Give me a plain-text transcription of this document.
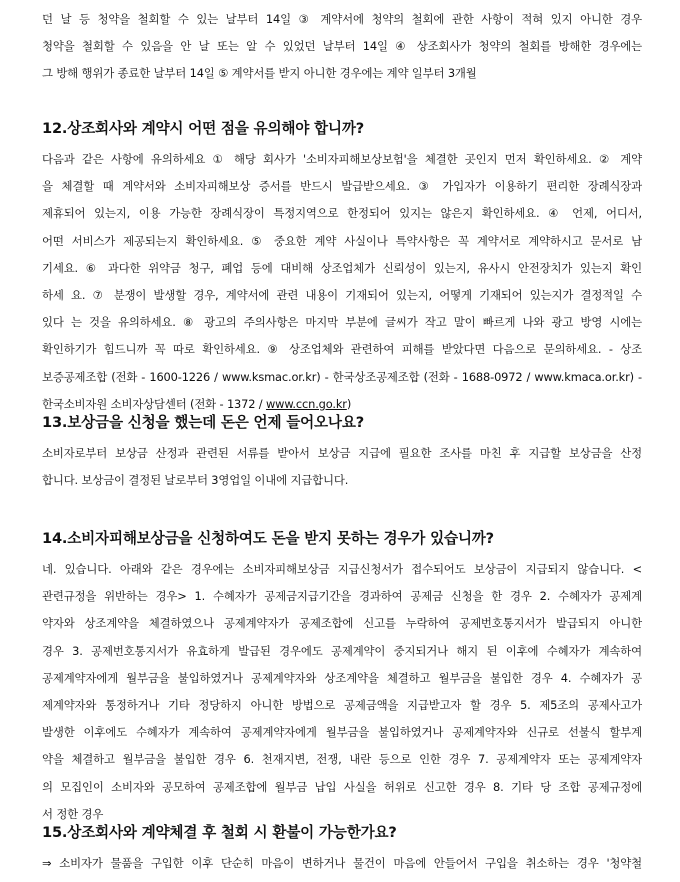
던 날 등 청약을 철회할 수 있는 날부터 14일 ③ 계약서에 청약의 철회에 관한 사항이 적혀 있지 아니한 경우
청약을 철회할 수 있음을 안 날 또는 알 수 있었던 날부터 14일 ④ 상조회사가 청약의 철회를 방해한 경우에는
그 방해 행위가 종료한 날부터 14일 ⑤ 계약서를 받지 아니한 경우에는 계약 일부터 3개월
12.상조회사와 계약시 어떤 점을 유의해야 합니까?
다음과 같은 사항에 유의하세요 ① 해당 회사가 '소비자피해보상보험'을 체결한 곳인지 먼저 확인하세요. ② 계약
을 체결할 때 계약서와 소비자피해보상 증서를 반드시 발급받으세요. ③ 가입자가 이용하기 편리한 장례식장과
제휴되어 있는지, 이용 가능한 장례식장이 특정지역으로 한정되어 있지는 않은지 확인하세요. ④ 언제, 어디서,
어떤 서비스가 제공되는지 확인하세요. ⑤ 중요한 계약 사실이나 특약사항은 꼭 계약서로 계약하시고 문서로 남
기세요. ⑥ 과다한 위약금 청구, 폐업 등에 대비해 상조업체가 신뢰성이 있는지, 유사시 안전장치가 있는지 확인
하세 요. ⑦ 분쟁이 발생할 경우, 계약서에 관련 내용이 기재되어 있는지, 어떻게 기재되어 있는지가 결정적일 수
있다 는 것을 유의하세요. ⑧ 광고의 주의사항은 마지막 부분에 글씨가 작고 말이 빠르게 나와 광고 방영 시에는
확인하기가 힘드니까 꼭 따로 확인하세요. ⑨ 상조업체와 관련하여 피해를 받았다면 다음으로 문의하세요. - 상조
보증공제조합 (전화 - 1600-1226 / www.ksmac.or.kr) - 한국상조공제조합 (전화 - 1688-0972 / www.kmaca.or.kr) -
한국소비자원 소비자상담센터 (전화 - 1372 / www.ccn.go.kr)
13.보상금을 신청을 했는데 돈은 언제 들어오나요?
소비자로부터 보상금 산정과 관련된 서류를 받아서 보상금 지급에 필요한 조사를 마친 후 지급할 보상금을 산정
합니다. 보상금이 결정된 날로부터 3영업일 이내에 지급합니다.
14.소비자피해보상금을 신청하여도 돈을 받지 못하는 경우가 있습니까?
네. 있습니다. 아래와 같은 경우에는 소비자피해보상금 지급신청서가 접수되어도 보상금이 지급되지 않습니다. <
관련규정을 위반하는 경우> 1. 수혜자가 공제금지급기간을 경과하여 공제금 신청을 한 경우 2. 수혜자가 공제계
약자와 상조계약을 체결하였으나 공제계약자가 공제조합에 신고를 누락하여 공제번호통지서가 발급되지 아니한
경우 3. 공제번호통지서가 유효하게 발급된 경우에도 공제계약이 중지되거나 해지 된 이후에 수혜자가 계속하여
공제계약자에게 월부금을 불입하였거나 공제계약자와 상조계약을 체결하고 월부금을 불입한 경우 4. 수혜자가 공
제계약자와 통정하거나 기타 정당하지 아니한 방법으로 공제금액을 지급받고자 할 경우 5. 제5조의 공제사고가
발생한 이후에도 수혜자가 계속하여 공제계약자에게 월부금을 불입하였거나 공제계약자와 신규로 선불식 할부계
약을 체결하고 월부금을 불입한 경우 6. 천재지변, 전쟁, 내란 등으로 인한 경우 7. 공제계약자 또는 공제계약자
의 모집인이 소비자와 공모하여 공제조합에 월부금 납입 사실을 허위로 신고한 경우 8. 기타 당 조합 공제규정에
서 정한 경우
15.상조회사와 계약체결 후 철회 시 환불이 가능한가요?
⇒ 소비자가 물품을 구입한 이후 단순히 마음이 변하거나 물건이 마음에 안들어서 구입을 취소하는 경우 '청약철
